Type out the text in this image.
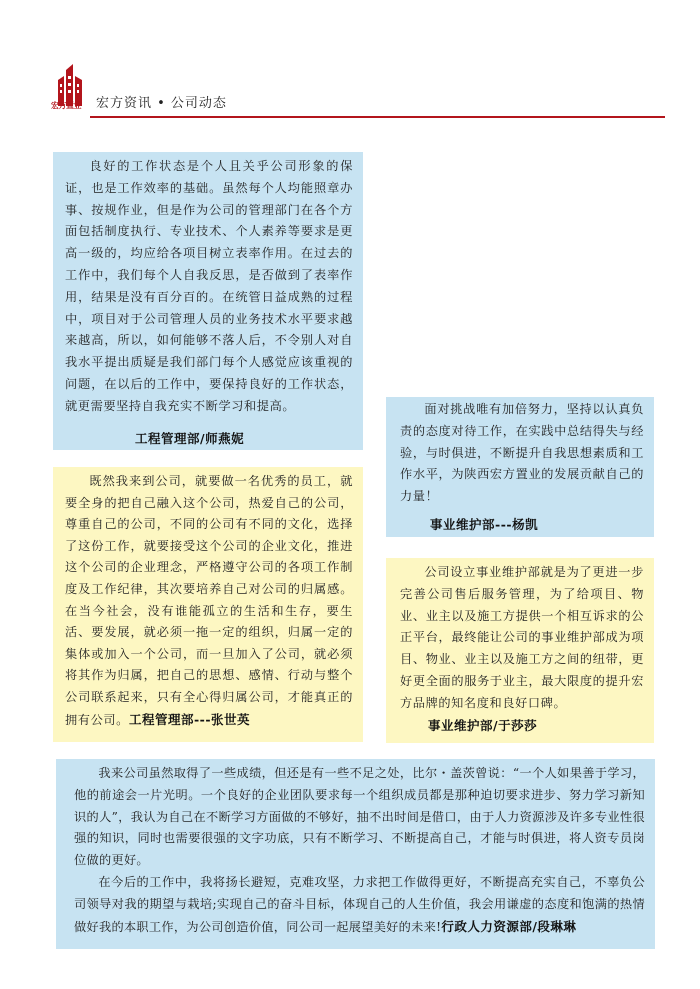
宏方置业 宏方资讯 • 公司动态

良好的工作状态是个人且关乎公司形象的保证，也是工作效率的基础。虽然每个人均能照章办事、按规作业，但是作为公司的管理部门在各个方面包括制度执行、专业技术、个人素养等要求是更高一级的，均应给各项目树立表率作用。在过去的工作中，我们每个人自我反思，是否做到了表率作用，结果是没有百分百的。在统管日益成熟的过程中，项目对于公司管理人员的业务技术水平要求越来越高，所以，如何能够不落人后，不令别人对自我水平提出质疑是我们部门每个人感觉应该重视的问题，在以后的工作中，要保持良好的工作状态，就更需要坚持自我充实不断学习和提高。

工程管理部/师燕妮

面对挑战唯有加倍努力，坚持以认真负责的态度对待工作，在实践中总结得失与经验，与时俱进，不断提升自我思想素质和工作水平，为陕西宏方置业的发展贡献自己的力量！

事业维护部---杨凯

既然我来到公司，就要做一名优秀的员工，就要全身的把自己融入这个公司，热爱自己的公司，尊重自己的公司，不同的公司有不同的文化，选择了这份工作，就要接受这个公司的企业文化，推进这个公司的企业理念，严格遵守公司的各项工作制度及工作纪律，其次要培养自己对公司的归属感。在当今社会，没有谁能孤立的生活和生存，要生活、要发展，就必须一拖一定的组织，归属一定的集体或加入一个公司，而一旦加入了公司，就必须将其作为归属，把自己的思想、感情、行动与整个公司联系起来，只有全心得归属公司，才能真正的拥有公司。工程管理部---张世英

公司设立事业维护部就是为了更进一步完善公司售后服务管理，为了给项目、物业、业主以及施工方提供一个相互诉求的公正平台，最终能让公司的事业维护部成为项目、物业、业主以及施工方之间的纽带，更好更全面的服务于业主，最大限度的提升宏方品牌的知名度和良好口碑。

事业维护部/于莎莎

我来公司虽然取得了一些成绩，但还是有一些不足之处，比尔・盖茨曾说：“一个人如果善于学习，他的前途会一片光明。一个良好的企业团队要求每一个组织成员都是那种迫切要求进步、努力学习新知识的人”，我认为自己在不断学习方面做的不够好，抽不出时间是借口，由于人力资源涉及许多专业性很强的知识，同时也需要很强的文字功底，只有不断学习、不断提高自己，才能与时俱进，将人资专员岗位做的更好。

在今后的工作中，我将扬长避短，克难攻坚，力求把工作做得更好，不断提高充实自己，不辜负公司领导对我的期望与栽培;实现自己的奋斗目标，体现自己的人生价值，我会用谦虚的态度和饱满的热情做好我的本职工作，为公司创造价值，同公司一起展望美好的未来!行政人力资源部/段琳琳
